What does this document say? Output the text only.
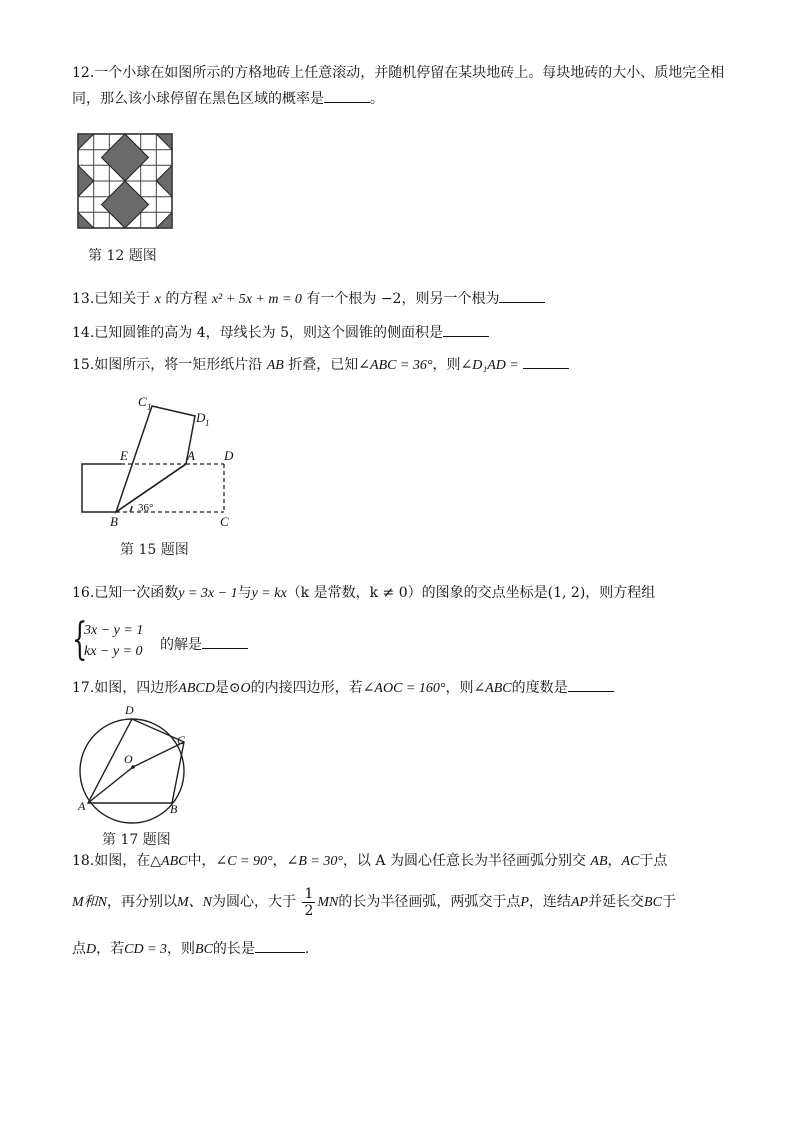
12.一个小球在如图所示的方格地砖上任意滚动，并随机停留在某块地砖上。每块地砖的大小、质地完全相
同，那么该小球停留在黑色区域的概率是	。
第 12 题图
13.已知关于 x 的方程 x² + 5x + m = 0 有一个根为 −2，则另一个根为
14.已知圆锥的高为 4，母线长为 5，则这个圆锥的侧面积是
15.如图所示，将一矩形纸片沿 AB 折叠，已知∠ABC = 36°，则∠D₁AD =
C 1
D 1
E	A D
B	C
36°
第 15 题图
16.已知一次函数y = 3x − 1与y = kx（k 是常数，k ≠ 0）的图象的交点坐标是(1, 2)，则方程组
{
3x − y = 1
kx − y = 0 的解是
17.如图，四边形ABCD是⊙O的内接四边形，若∠AOC = 160°，则∠ABC的度数是
A	B
C
D
O
第 17 题图
18.如图，在△ABC中，∠C = 90°，∠B = 30°，以 A 为圆心任意长为半径画弧分别交 AB，AC于点
M和N，再分别以M、N为圆心，大于 $\frac{1}{2}$ MN的长为半径画弧，两弧交于点P，连结AP并延长交BC于
点D，若CD = 3，则BC的长是	.
